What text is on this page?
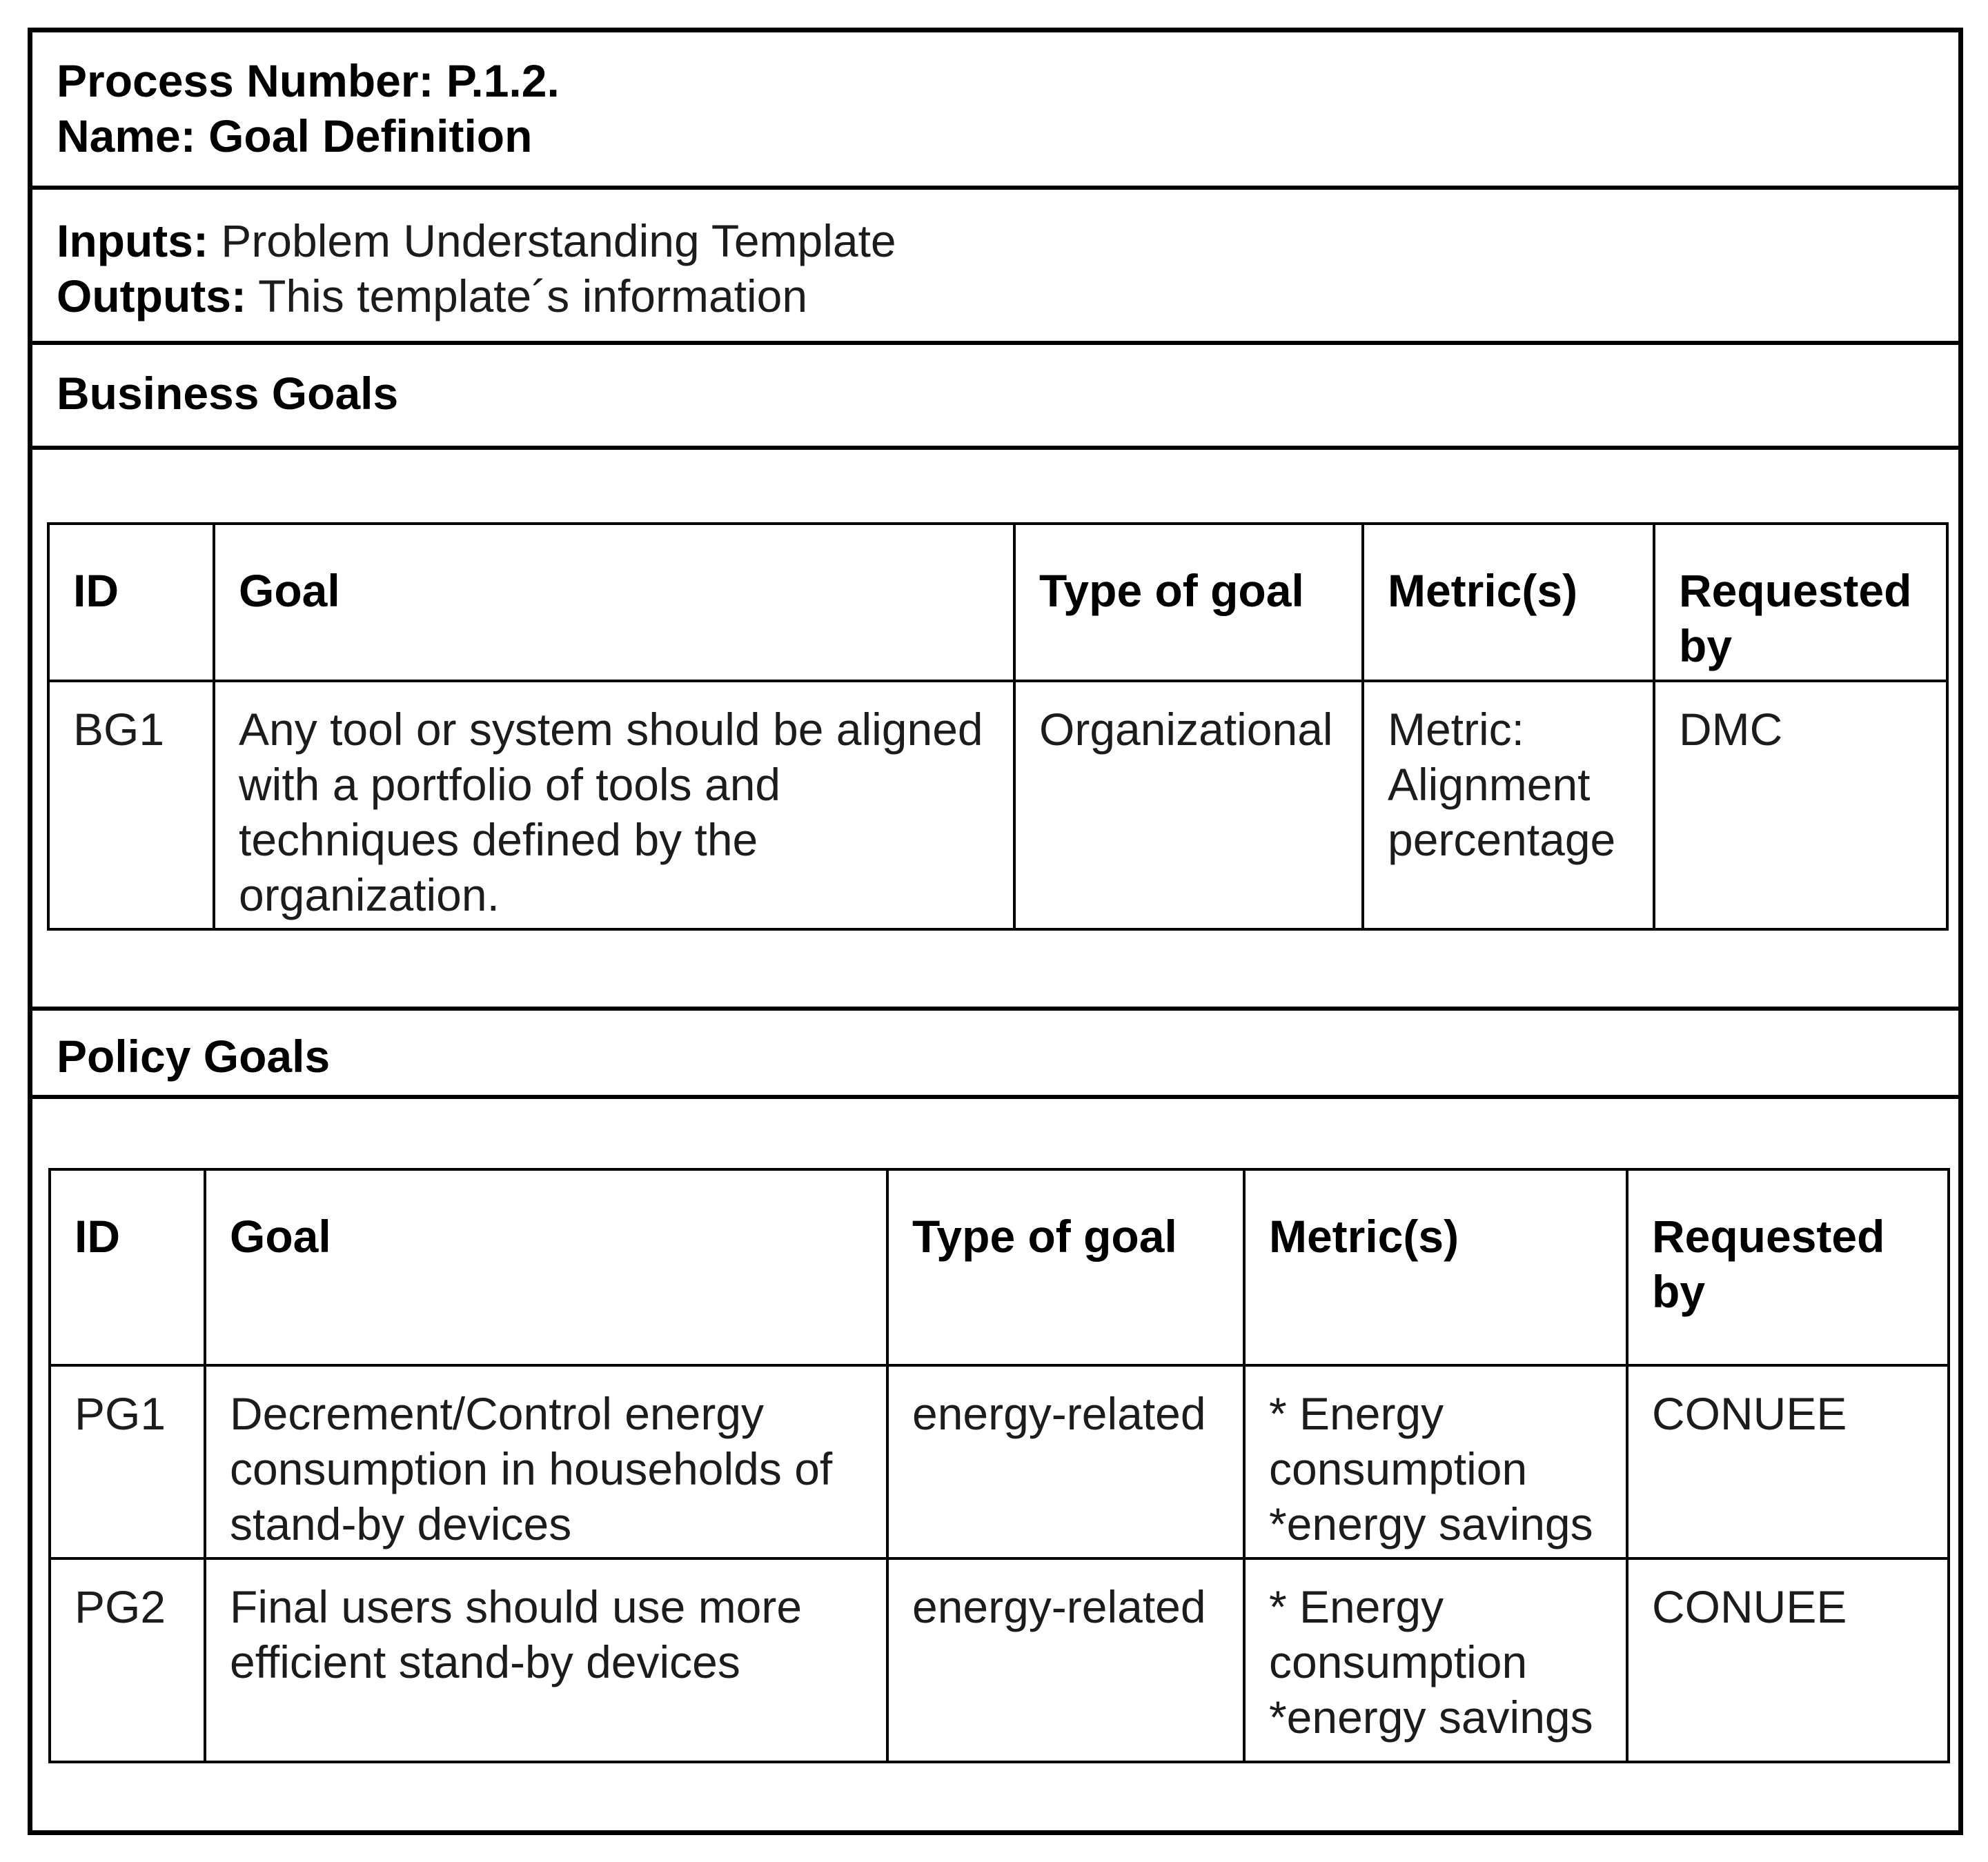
Process Number: P.1.2.
Name: Goal Definition
Inputs: Problem Understanding Template
Outputs: This template´s information
Business Goals
ID	Goal	Type of goal	Metric(s)	Requested by
BG1	Any tool or system should be aligned with a portfolio of tools and techniques defined by the organization.	Organizational	Metric: Alignment percentage	DMC
Policy Goals
ID	Goal	Type of goal	Metric(s)	Requested by
PG1	Decrement/Control energy consumption in households of stand-by devices	energy-related	* Energy consumption *energy savings	CONUEE
PG2	Final users should use more efficient stand-by devices	energy-related	* Energy consumption *energy savings	CONUEE
